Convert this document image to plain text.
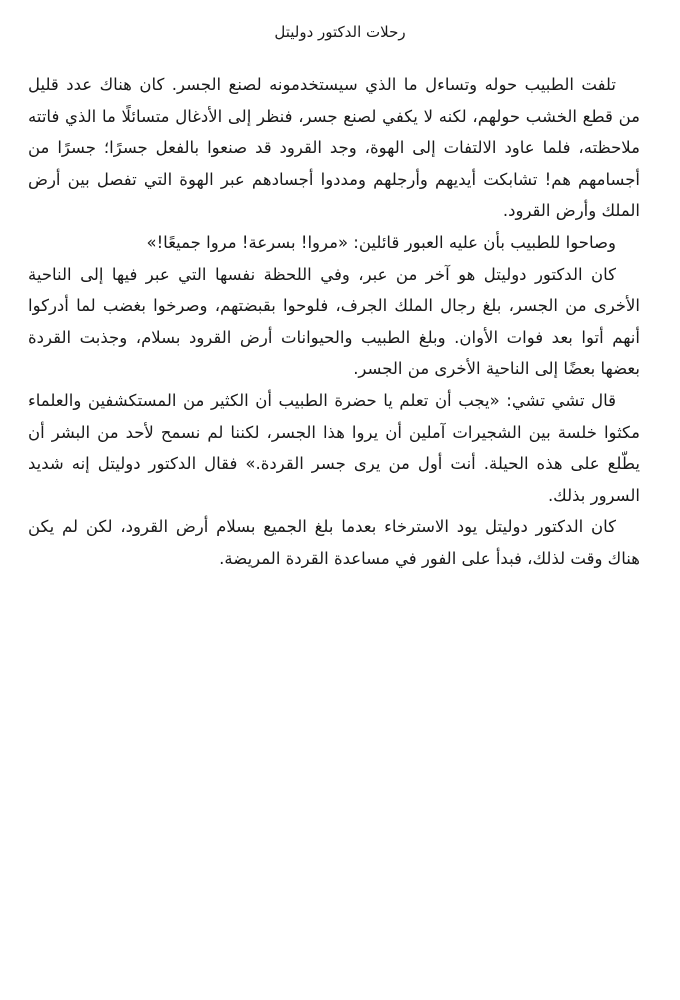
رحلات الدكتور دوليتل

تلفت الطبيب حوله وتساءل ما الذي سيستخدمونه لصنع الجسر. كان هناك عدد قليل من قطع الخشب حولهم، لكنه لا يكفي لصنع جسر، فنظر إلى الأدغال متسائلًا ما الذي فاتته ملاحظته، فلما عاود الالتفات إلى الهوة، وجد القرود قد صنعوا بالفعل جسرًا؛ جسرًا من أجسامهم هم! تشابكت أيديهم وأرجلهم ومددوا أجسادهم عبر الهوة التي تفصل بين أرض الملك وأرض القرود.

وصاحوا للطبيب بأن عليه العبور قائلين: «مروا! بسرعة! مروا جميعًا!»

كان الدكتور دوليتل هو آخر من عبر، وفي اللحظة نفسها التي عبر فيها إلى الناحية الأخرى من الجسر، بلغ رجال الملك الجرف، فلوحوا بقبضتهم، وصرخوا بغضب لما أدركوا أنهم أتوا بعد فوات الأوان. وبلغ الطبيب والحيوانات أرض القرود بسلام، وجذبت القردة بعضها بعضًا إلى الناحية الأخرى من الجسر.

قال تشي تشي: «يجب أن تعلم يا حضرة الطبيب أن الكثير من المستكشفين والعلماء مكثوا خلسة بين الشجيرات آملين أن يروا هذا الجسر، لكننا لم نسمح لأحد من البشر أن يطّلع على هذه الحيلة. أنت أول من يرى جسر القردة.» فقال الدكتور دوليتل إنه شديد السرور بذلك.

كان الدكتور دوليتل يود الاسترخاء بعدما بلغ الجميع بسلام أرض القرود، لكن لم يكن هناك وقت لذلك، فبدأ على الفور في مساعدة القردة المريضة.
